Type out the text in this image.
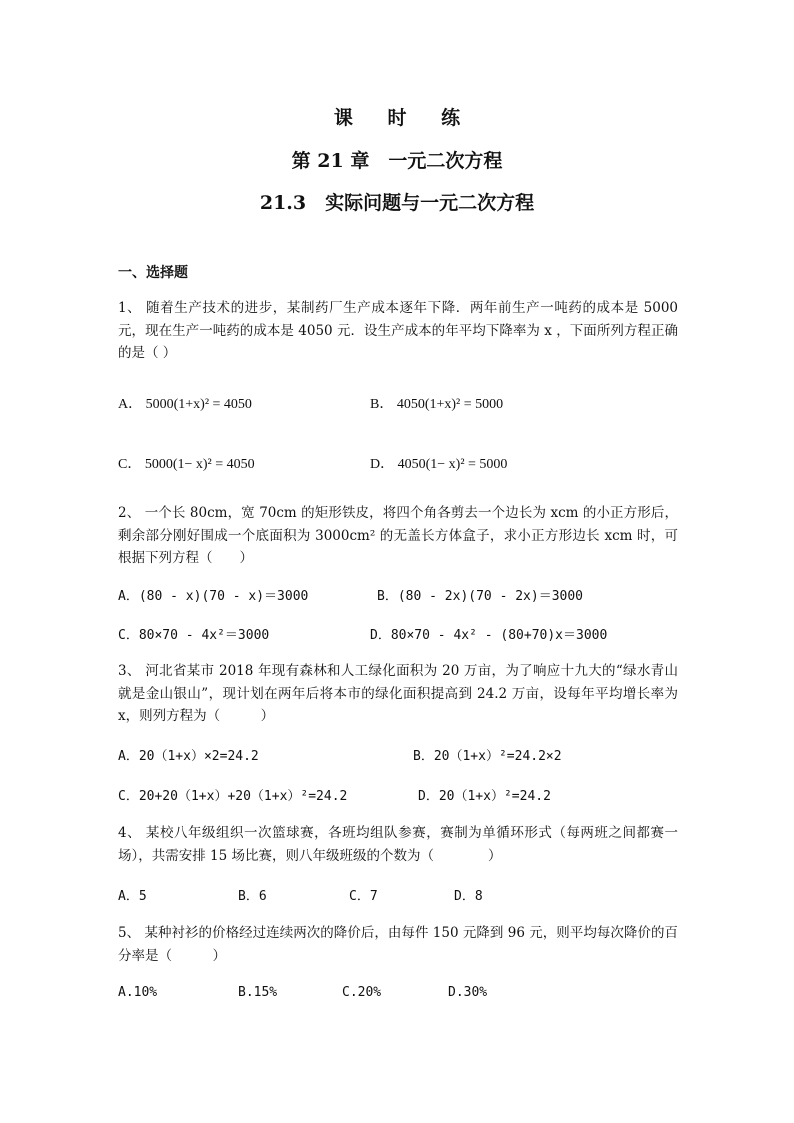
课 时 练
第 21 章　一元二次方程
21.3　实际问题与一元二次方程
一、选择题
1、 随着生产技术的进步，某制药厂生产成本逐年下降．两年前生产一吨药的成本是 5000 元，现在生产一吨药的成本是 4050 元．设生产成本的年平均下降率为 x ，下面所列方程正确的是（ ）
A． 5000(1+x)² = 4050	B． 4050(1+x)² = 5000
C． 5000(1− x)² = 4050	D． 4050(1− x)² = 5000
2、 一个长 80cm，宽 70cm 的矩形铁皮，将四个角各剪去一个边长为 xcm 的小正方形后，剩余部分刚好围成一个底面积为 3000cm² 的无盖长方体盒子，求小正方形边长 xcm 时，可根据下列方程（　　）
A．(80 - x)(70 - x)＝3000	B．(80 - 2x)(70 - 2x)＝3000
C．80×70 - 4x²＝3000	D．80×70 - 4x² - (80+70)x＝3000
3、 河北省某市 2018 年现有森林和人工绿化面积为 20 万亩，为了响应十九大的“绿水青山就是金山银山”，现计划在两年后将本市的绿化面积提高到 24.2 万亩，设每年平均增长率为 x，则列方程为（　　　）
A．20（1+x）×2=24.2	B．20（1+x）²=24.2×2
C．20+20（1+x）+20（1+x）²=24.2	D．20（1+x）²=24.2
4、 某校八年级组织一次篮球赛，各班均组队参赛，赛制为单循环形式（每两班之间都赛一场），共需安排 15 场比赛，则八年级班级的个数为（　　　　）
A．5	B．6	C．7	D．8
5、 某种衬衫的价格经过连续两次的降价后，由每件 150 元降到 96 元，则平均每次降价的百分率是（　　　）
A.10%	B.15%	C.20%	D.30%
